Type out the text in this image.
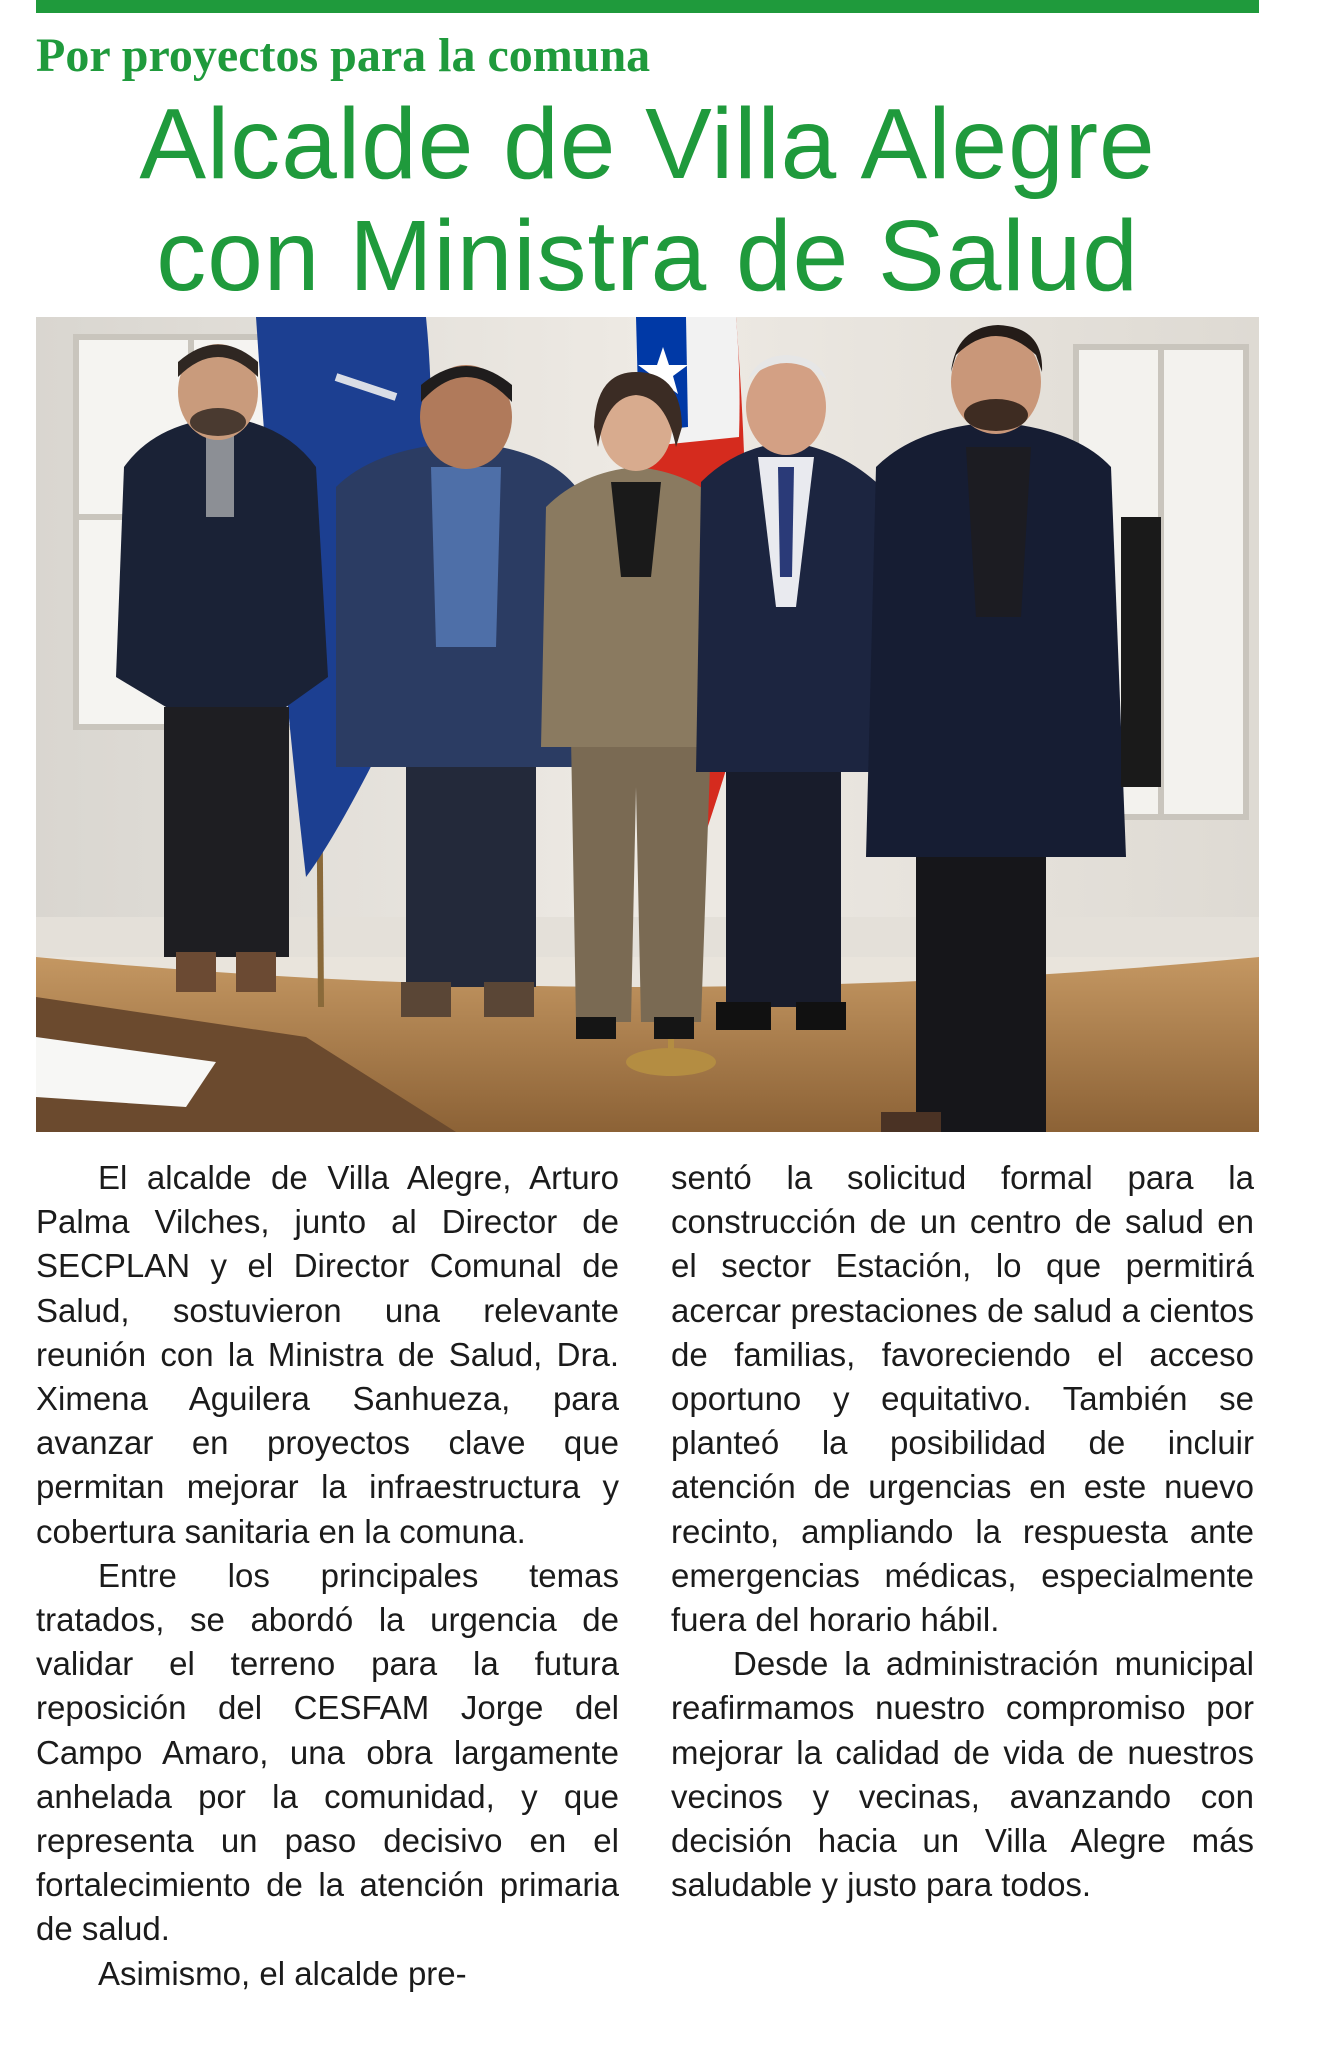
Por proyectos para la comuna
Alcalde de Villa Alegre
con Ministra de Salud

El alcalde de Villa Alegre, Arturo Palma Vilches, junto al Director de SECPLAN y el Director Comunal de Salud, sostuvieron una relevante reunión con la Ministra de Salud, Dra. Ximena Aguilera Sanhueza, para avanzar en proyectos clave que permitan mejorar la infraestructura y cobertura sanitaria en la comuna.

Entre los principales temas tratados, se abordó la urgencia de validar el terreno para la futura reposición del CESFAM Jorge del Campo Amaro, una obra largamente anhelada por la comunidad, y que representa un paso decisivo en el fortalecimiento de la atención primaria de salud.

Asimismo, el alcalde pre-

sentó la solicitud formal para la construcción de un centro de salud en el sector Estación, lo que permitirá acercar prestaciones de salud a cientos de familias, favoreciendo el acceso oportuno y equitativo. También se planteó la posibilidad de incluir atención de urgencias en este nuevo recinto, ampliando la respuesta ante emergencias médicas, especialmente fuera del horario hábil.

Desde la administración municipal reafirmamos nuestro compromiso por mejorar la calidad de vida de nuestros vecinos y vecinas, avanzando con decisión hacia un Villa Alegre más saludable y justo para todos.
